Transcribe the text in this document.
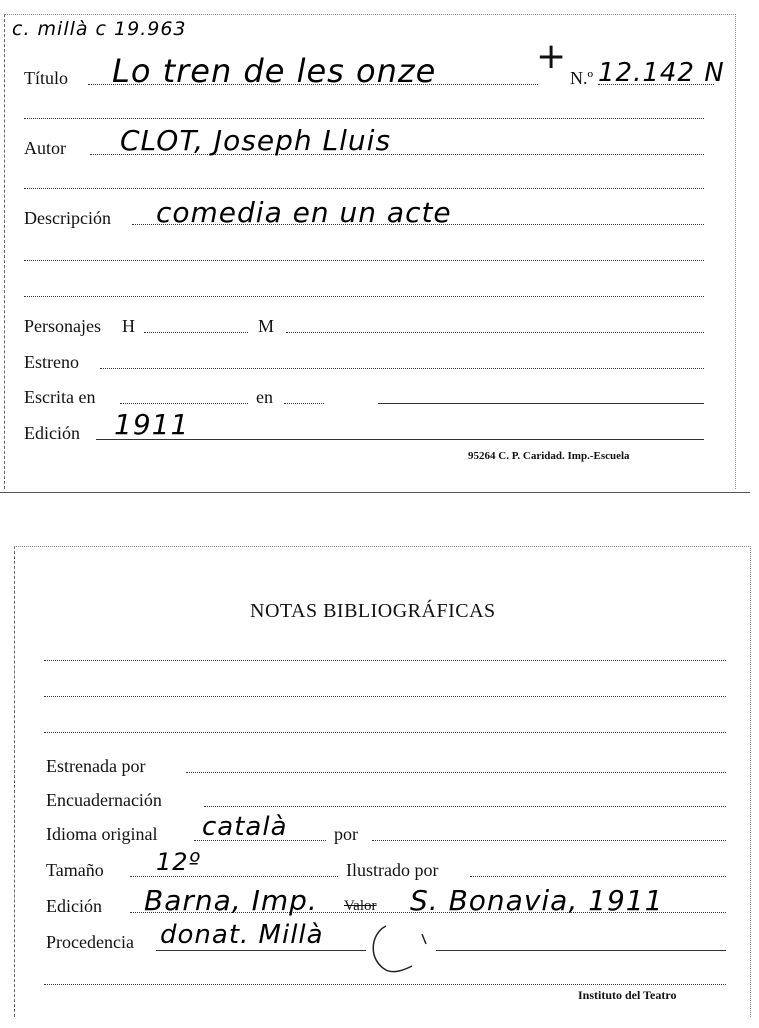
c. millà c 19.963
Título Lo tren de les onze	+
N.º 12.142 N
Autor CLOT, Joseph Lluis
Descripción comedia en un acte
Personajes H	M
Estreno
Escrita en	en
Edición 1911
95264 C. P. Caridad. Imp.-Escuela
NOTAS BIBLIOGRÁFICAS
Estrenada por
Encuadernación
Idioma original català	por
Tamaño 12º	Ilustrado por
Edición Barna, Imp. Valor S. Bonavia, 1911
Procedencia donat. Millà
Instituto del Teatro
